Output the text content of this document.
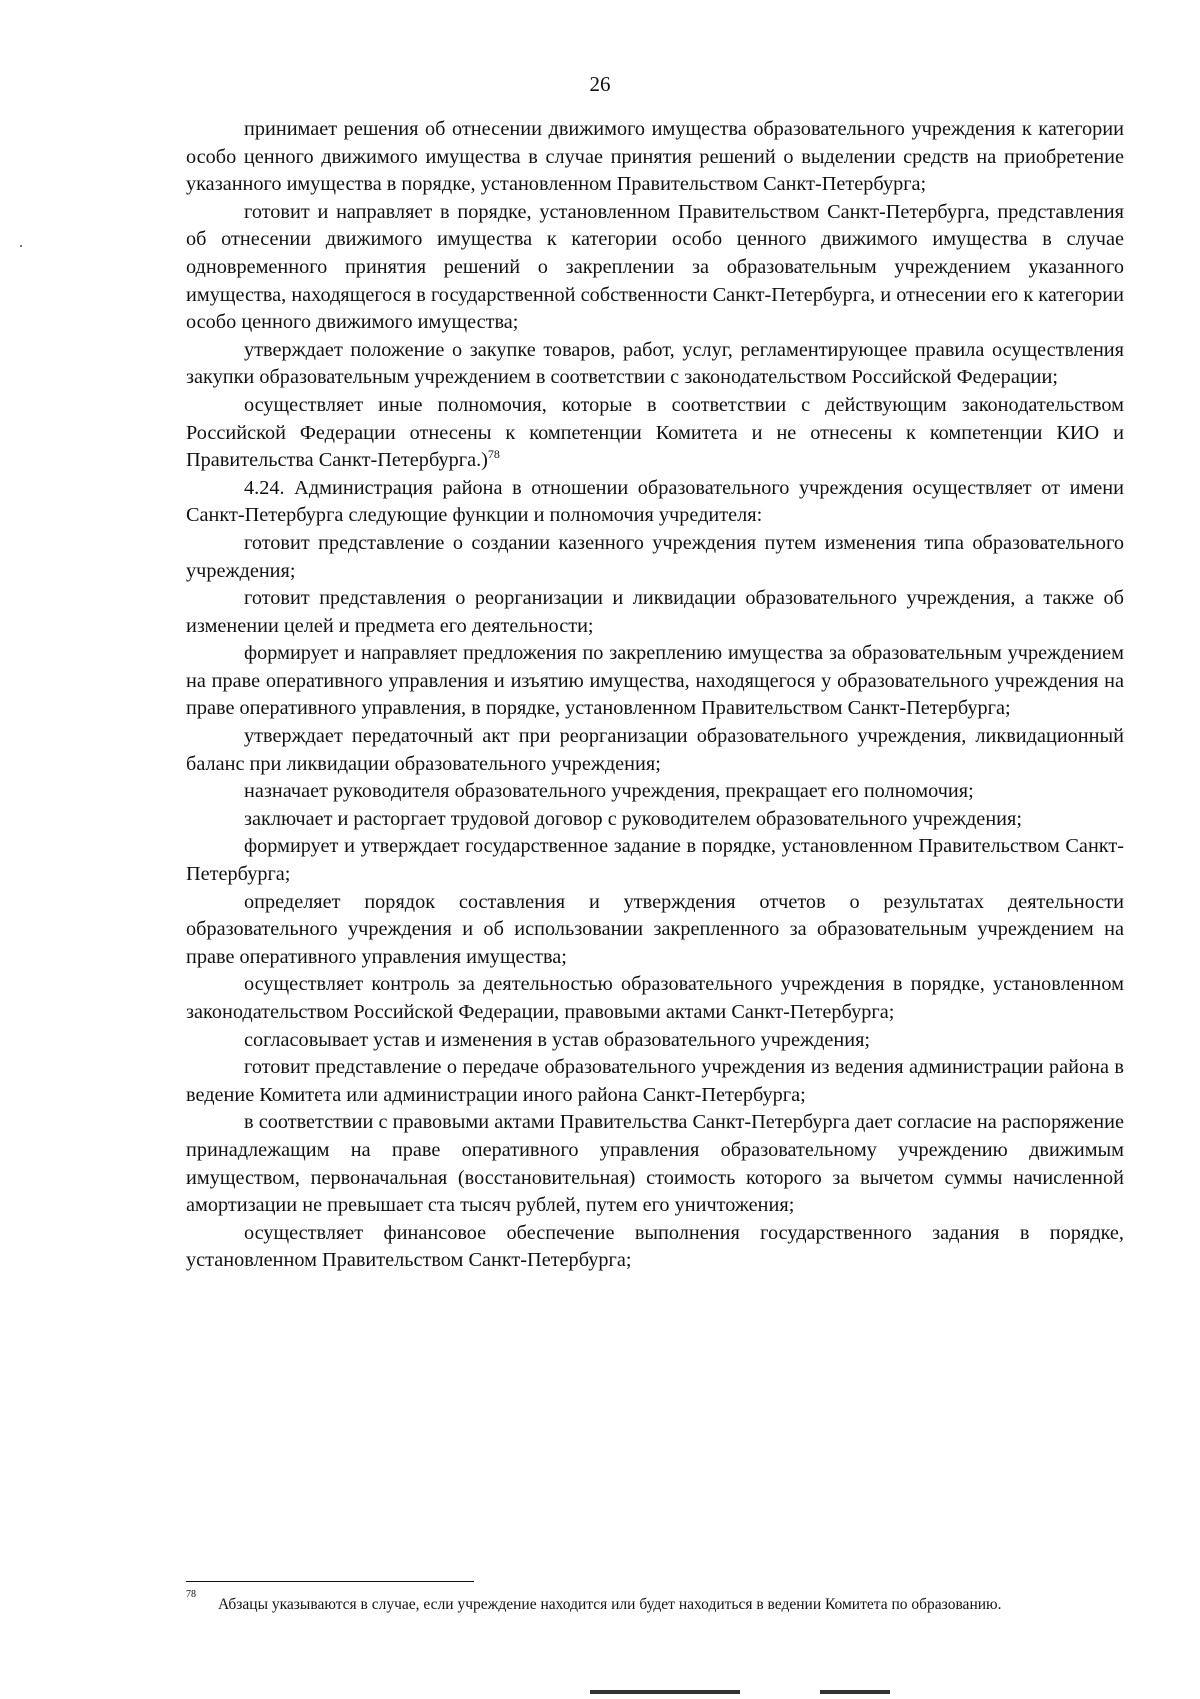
26

принимает решения об отнесении движимого имущества образовательного учреждения к категории особо ценного движимого имущества в случае принятия решений о выделении средств на приобретение указанного имущества в порядке, установленном Правительством Санкт-Петербурга;

готовит и направляет в порядке, установленном Правительством Санкт-Петербурга, представления об отнесении движимого имущества к категории особо ценного движимого имущества в случае одновременного принятия решений о закреплении за образовательным учреждением указанного имущества, находящегося в государственной собственности Санкт-Петербурга, и отнесении его к категории особо ценного движимого имущества;

утверждает положение о закупке товаров, работ, услуг, регламентирующее правила осуществления закупки образовательным учреждением в соответствии с законодательством Российской Федерации;

осуществляет иные полномочия, которые в соответствии с действующим законодательством Российской Федерации отнесены к компетенции Комитета и не отнесены к компетенции КИО и Правительства Санкт-Петербурга.)$^{78}$

4.24. Администрация района в отношении образовательного учреждения осуществляет от имени Санкт-Петербурга следующие функции и полномочия учредителя:

готовит представление о создании казенного учреждения путем изменения типа образовательного учреждения;

готовит представления о реорганизации и ликвидации образовательного учреждения, а также об изменении целей и предмета его деятельности;

формирует и направляет предложения по закреплению имущества за образовательным учреждением на праве оперативного управления и изъятию имущества, находящегося у образовательного учреждения на праве оперативного управления, в порядке, установленном Правительством Санкт-Петербурга;

утверждает передаточный акт при реорганизации образовательного учреждения, ликвидационный баланс при ликвидации образовательного учреждения;

назначает руководителя образовательного учреждения, прекращает его полномочия;

заключает и расторгает трудовой договор с руководителем образовательного учреждения;

формирует и утверждает государственное задание в порядке, установленном Правительством Санкт-Петербурга;

определяет порядок составления и утверждения отчетов о результатах деятельности образовательного учреждения и об использовании закрепленного за образовательным учреждением на праве оперативного управления имущества;

осуществляет контроль за деятельностью образовательного учреждения в порядке, установленном законодательством Российской Федерации, правовыми актами Санкт-Петербурга;

согласовывает устав и изменения в устав образовательного учреждения;

готовит представление о передаче образовательного учреждения из ведения администрации района в ведение Комитета или администрации иного района Санкт-Петербурга;

в соответствии с правовыми актами Правительства Санкт-Петербурга дает согласие на распоряжение принадлежащим на праве оперативного управления образовательному учреждению движимым имуществом, первоначальная (восстановительная) стоимость которого за вычетом суммы начисленной амортизации не превышает ста тысяч рублей, путем его уничтожения;

осуществляет финансовое обеспечение выполнения государственного задания в порядке, установленном Правительством Санкт-Петербурга;

78

Абзацы указываются в случае, если учреждение находится или будет находиться в ведении Комитета по образованию.
